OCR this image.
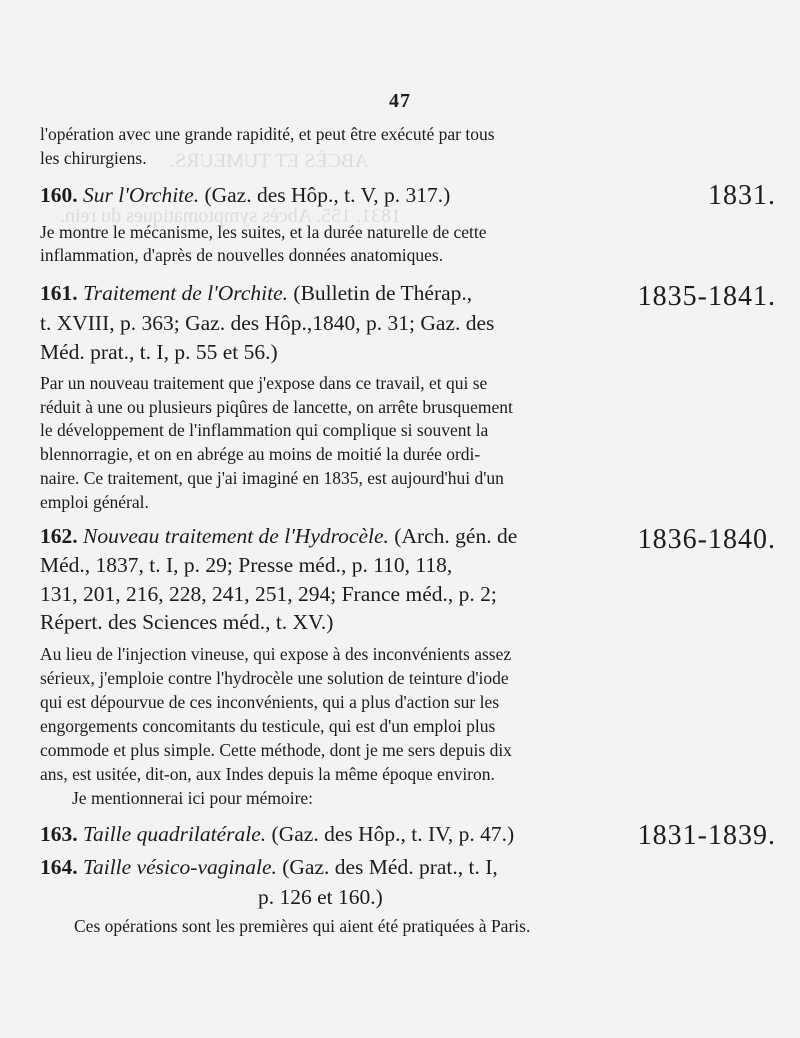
ABCÈS ET TUMEURS.
1831. 155. Abcès symptomatiques du rein.
47
l'opération avec une grande rapidité, et peut être exécuté par tous
les chirurgiens.
160. Sur l'Orchite. (Gaz. des Hôp., t. V, p. 317.)	1831.
Je montre le mécanisme, les suites, et la durée naturelle de cette
inflammation, d'après de nouvelles données anatomiques.
161. Traitement de l'Orchite. (Bulletin de Thérap.,	1835-1841.
t. XVIII, p. 363; Gaz. des Hôp.,1840, p. 31; Gaz. des
Méd. prat., t. I, p. 55 et 56.)
Par un nouveau traitement que j'expose dans ce travail, et qui se
réduit à une ou plusieurs piqûres de lancette, on arrête brusquement
le développement de l'inflammation qui complique si souvent la
blennorragie, et on en abrége au moins de moitié la durée ordi-
naire. Ce traitement, que j'ai imaginé en 1835, est aujourd'hui d'un
emploi général.
162. Nouveau traitement de l'Hydrocèle. (Arch. gén. de	1836-1840.
Méd., 1837, t. I, p. 29; Presse méd., p. 110, 118,
131, 201, 216, 228, 241, 251, 294; France méd., p. 2;
Répert. des Sciences méd., t. XV.)
Au lieu de l'injection vineuse, qui expose à des inconvénients assez
sérieux, j'emploie contre l'hydrocèle une solution de teinture d'iode
qui est dépourvue de ces inconvénients, qui a plus d'action sur les
engorgements concomitants du testicule, qui est d'un emploi plus
commode et plus simple. Cette méthode, dont je me sers depuis dix
ans, est usitée, dit-on, aux Indes depuis la même époque environ.
Je mentionnerai ici pour mémoire:
163. Taille quadrilatérale. (Gaz. des Hôp., t. IV, p. 47.)	1831-1839.
164. Taille vésico-vaginale. (Gaz. des Méd. prat., t. I,
p. 126 et 160.)
Ces opérations sont les premières qui aient été pratiquées à Paris.
